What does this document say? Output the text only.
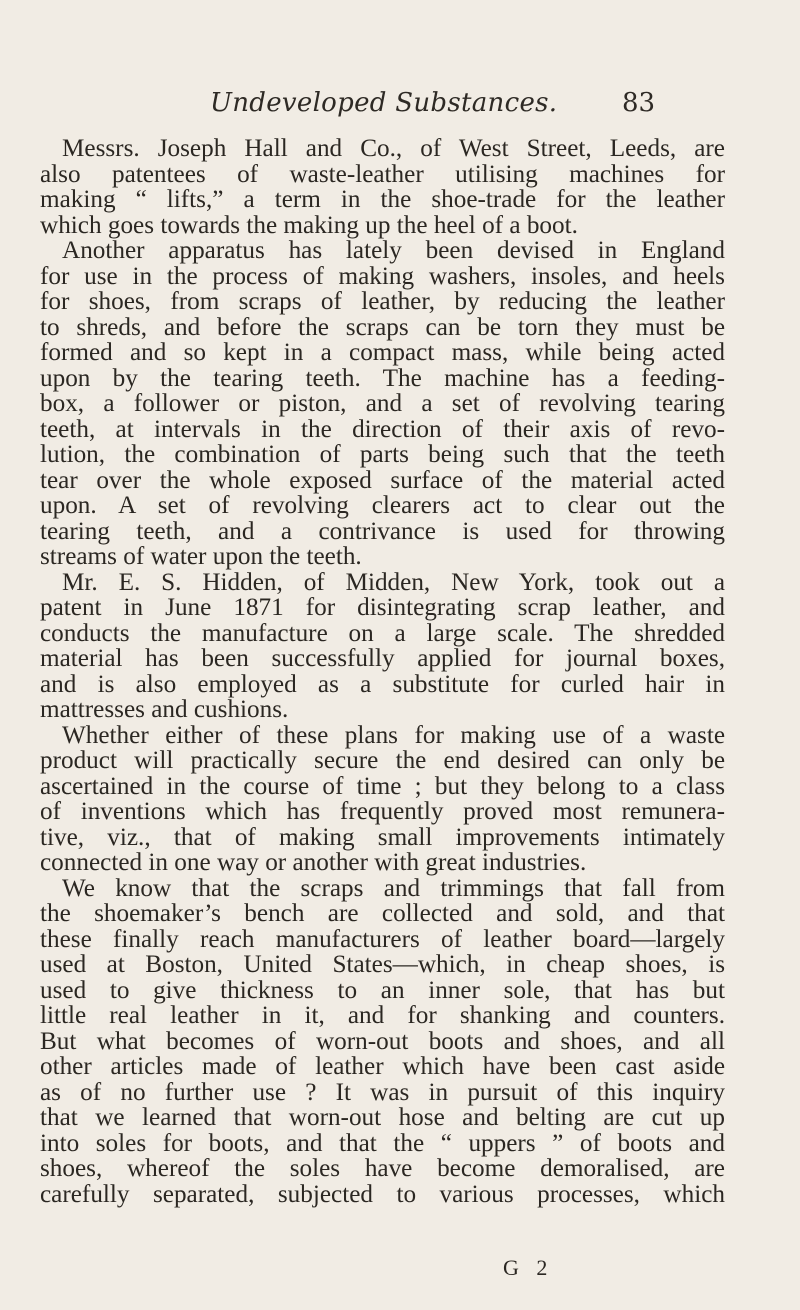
Undeveloped Substances. 83
Messrs. Joseph Hall and Co., of West Street, Leeds, are
also patentees of waste-leather utilising machines for
making “ lifts,” a term in the shoe-trade for the leather
which goes towards the making up the heel of a boot.
Another apparatus has lately been devised in England
for use in the process of making washers, insoles, and heels
for shoes, from scraps of leather, by reducing the leather
to shreds, and before the scraps can be torn they must be
formed and so kept in a compact mass, while being acted
upon by the tearing teeth. The machine has a feeding-
box, a follower or piston, and a set of revolving tearing
teeth, at intervals in the direction of their axis of revo-
lution, the combination of parts being such that the teeth
tear over the whole exposed surface of the material acted
upon. A set of revolving clearers act to clear out the
tearing teeth, and a contrivance is used for throwing
streams of water upon the teeth.
Mr. E. S. Hidden, of Midden, New York, took out a
patent in June 1871 for disintegrating scrap leather, and
conducts the manufacture on a large scale. The shredded
material has been successfully applied for journal boxes,
and is also employed as a substitute for curled hair in
mattresses and cushions.
Whether either of these plans for making use of a waste
product will practically secure the end desired can only be
ascertained in the course of time ; but they belong to a class
of inventions which has frequently proved most remunera-
tive, viz., that of making small improvements intimately
connected in one way or another with great industries.
We know that the scraps and trimmings that fall from
the shoemaker’s bench are collected and sold, and that
these finally reach manufacturers of leather board—largely
used at Boston, United States—which, in cheap shoes, is
used to give thickness to an inner sole, that has but
little real leather in it, and for shanking and counters.
But what becomes of worn-out boots and shoes, and all
other articles made of leather which have been cast aside
as of no further use ? It was in pursuit of this inquiry
that we learned that worn-out hose and belting are cut up
into soles for boots, and that the “ uppers ” of boots and
shoes, whereof the soles have become demoralised, are
carefully separated, subjected to various processes, which
G 2
